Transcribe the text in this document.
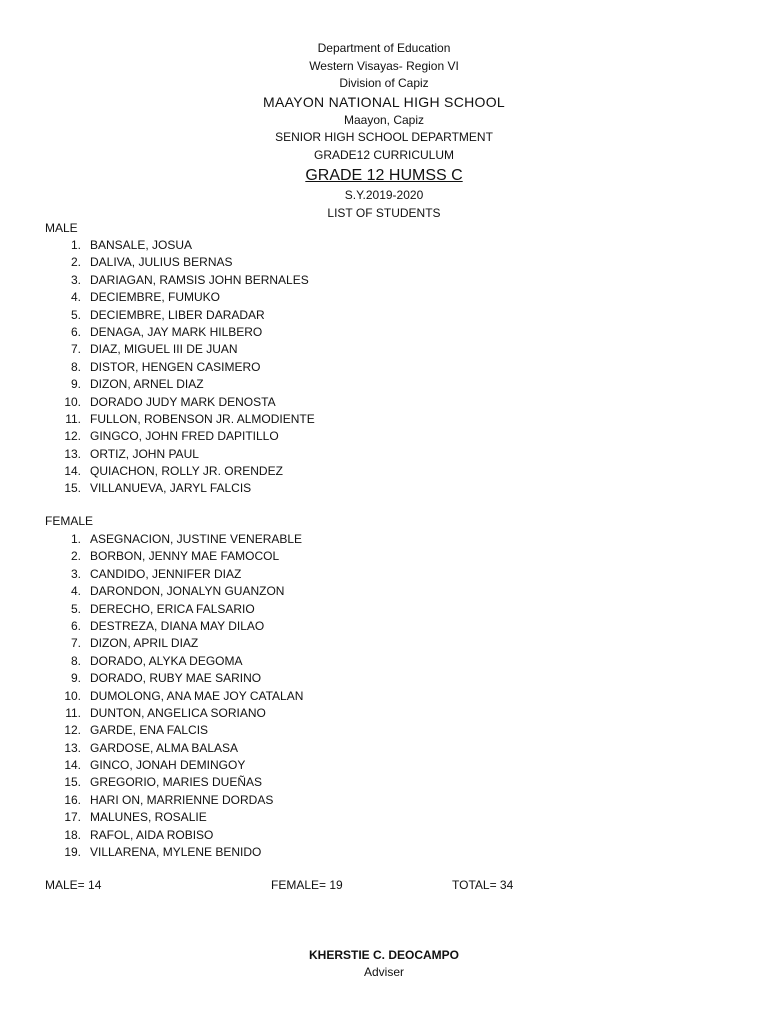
Department of Education
Western Visayas- Region VI
Division of Capiz
MAAYON NATIONAL HIGH SCHOOL
Maayon, Capiz
SENIOR HIGH SCHOOL DEPARTMENT
GRADE12 CURRICULUM
GRADE 12 HUMSS C
S.Y.2019-2020
LIST OF STUDENTS
MALE
1. BANSALE, JOSUA
2. DALIVA, JULIUS BERNAS
3. DARIAGAN, RAMSIS JOHN BERNALES
4. DECIEMBRE, FUMUKO
5. DECIEMBRE, LIBER DARADAR
6. DENAGA, JAY MARK HILBERO
7. DIAZ, MIGUEL III DE JUAN
8. DISTOR, HENGEN CASIMERO
9. DIZON, ARNEL DIAZ
10. DORADO JUDY MARK DENOSTA
11. FULLON, ROBENSON JR. ALMODIENTE
12. GINGCO, JOHN FRED DAPITILLO
13. ORTIZ, JOHN PAUL
14. QUIACHON, ROLLY JR. ORENDEZ
15. VILLANUEVA, JARYL FALCIS
FEMALE
1. ASEGNACION, JUSTINE VENERABLE
2. BORBON, JENNY MAE FAMOCOL
3. CANDIDO, JENNIFER DIAZ
4. DARONDON, JONALYN GUANZON
5. DERECHO, ERICA FALSARIO
6. DESTREZA, DIANA MAY DILAO
7. DIZON, APRIL DIAZ
8. DORADO, ALYKA DEGOMA
9. DORADO, RUBY MAE SARINO
10. DUMOLONG, ANA MAE JOY CATALAN
11. DUNTON, ANGELICA SORIANO
12. GARDE, ENA FALCIS
13. GARDOSE, ALMA BALASA
14. GINCO, JONAH DEMINGOY
15. GREGORIO, MARIES DUEÑAS
16. HARI ON, MARRIENNE DORDAS
17. MALUNES, ROSALIE
18. RAFOL, AIDA ROBISO
19. VILLARENA, MYLENE BENIDO
MALE= 14	FEMALE= 19	TOTAL= 34
KHERSTIE C. DEOCAMPO
Adviser
